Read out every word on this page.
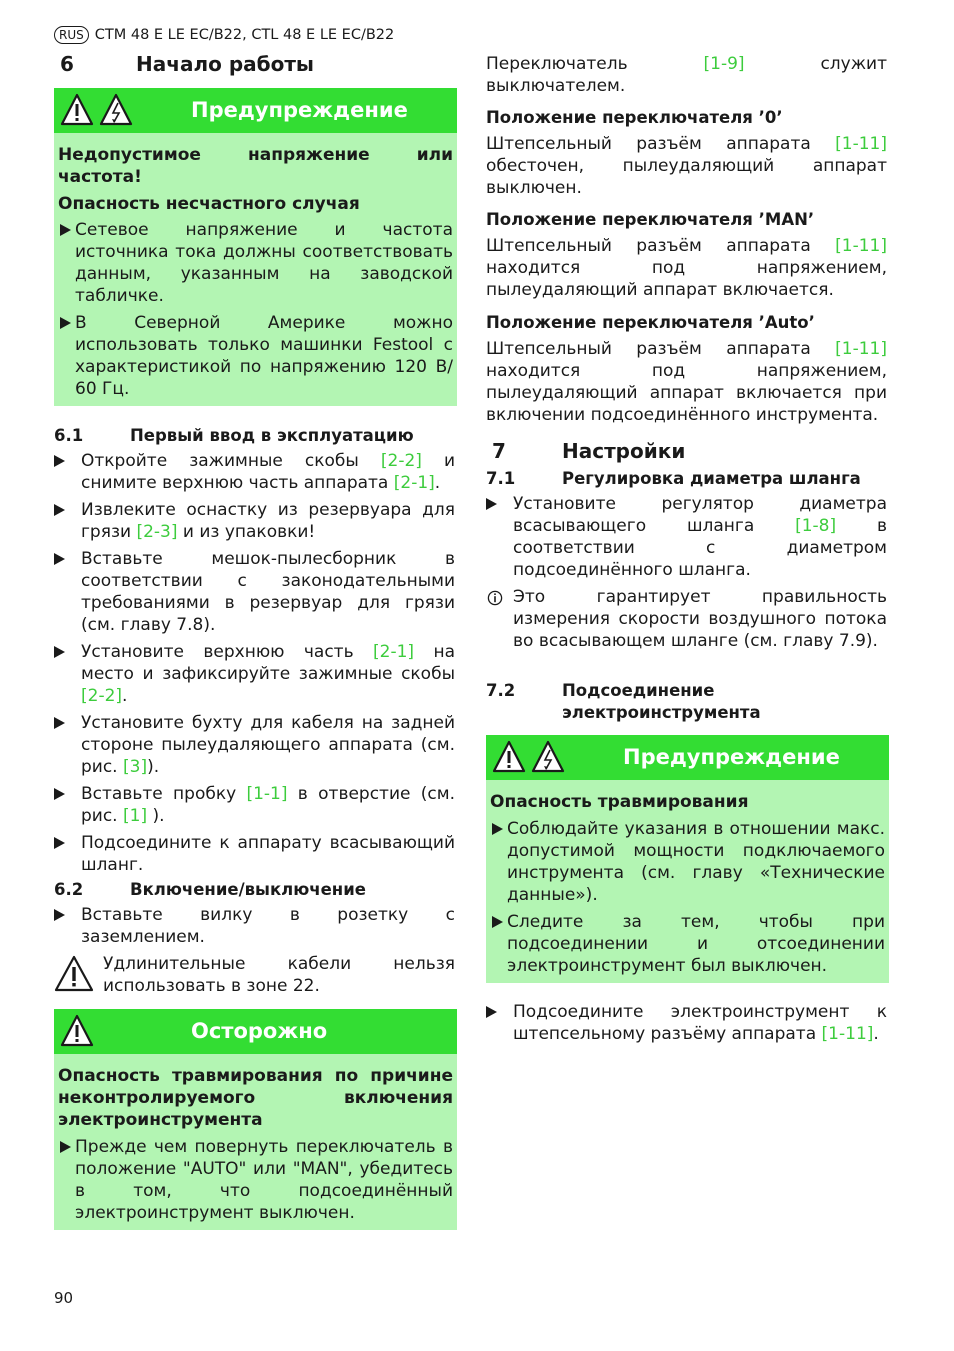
RUS CTM 48 E LE EC/B22, CTL 48 E LE EC/B22
6	Начало работы
Предупреждение

Недопустимое напряжение или частота!

Опасность несчастного случая

Сетевое напряжение и частота источника тока должны соответствовать данным, указанным на заводской табличке.
В Северной Америке можно использовать только машинки Festool с характеристикой по напряжению 120 В/ 60 Гц.
6.1	Первый ввод в эксплуатацию
Откройте зажимные скобы [2-2] и снимите верхнюю часть аппарата [2-1].
Извлеките оснастку из резервуара для грязи [2-3] и из упаковки!
Вставьте мешок-пылесборник в соответствии с законодательными требованиями в резервуар для грязи (см. главу 7.8).
Установите верхнюю часть [2-1] на место и зафиксируйте зажимные скобы [2-2].
Установите бухту для кабеля на задней стороне пылеудаляющего аппарата (см. рис. [3]).
Вставьте пробку [1-1] в отверстие (см. рис. [1] ).
Подсоедините к аппарату всасывающий шланг.
6.2	Включение/выключение
Вставьте вилку в розетку с заземлением.

Удлинительные кабели нельзя использовать в зоне 22.

Осторожно

Опасность травмирования по причине неконтролируемого включения электроинструмента

Прежде чем повернуть переключатель в положение "AUTO" или "MAN", убедитесь в том, что подсоединённый электроинструмент выключен.
90

Переключатель [1-9] служит выключателем.

Положение переключателя ’0’

Штепсельный разъём аппарата [1-11] обесточен, пылеудаляющий аппарат выключен.

Положение переключателя ’MAN’

Штепсельный разъём аппарата [1-11] находится под напряжением, пылеудаляющий аппарат включается.

Положение переключателя ’Auto’

Штепсельный разъём аппарата [1-11] находится под напряжением, пылеудаляющий аппарат включается при включении подсоединённого инструмента.

7	Настройки
7.1	Регулировка диаметра шланга
Установите регулятор диаметра всасывающего шланга [1-8] в соответствии с диаметром подсоединённого шланга.

Это гарантирует правильность измерения скорости воздушного потока во всасывающем шланге (см. главу 7.9).

7.2	Подсоединение
электроинструмента
Предупреждение

Опасность травмирования

Соблюдайте указания в отношении макс. допустимой мощности подключаемого инструмента (см. главу «Технические данные»).
Следите за тем, чтобы при подсоединении и отсоединении электроинструмент был выключен.
Подсоедините электроинструмент к штепсельному разъёму аппарата [1-11].
